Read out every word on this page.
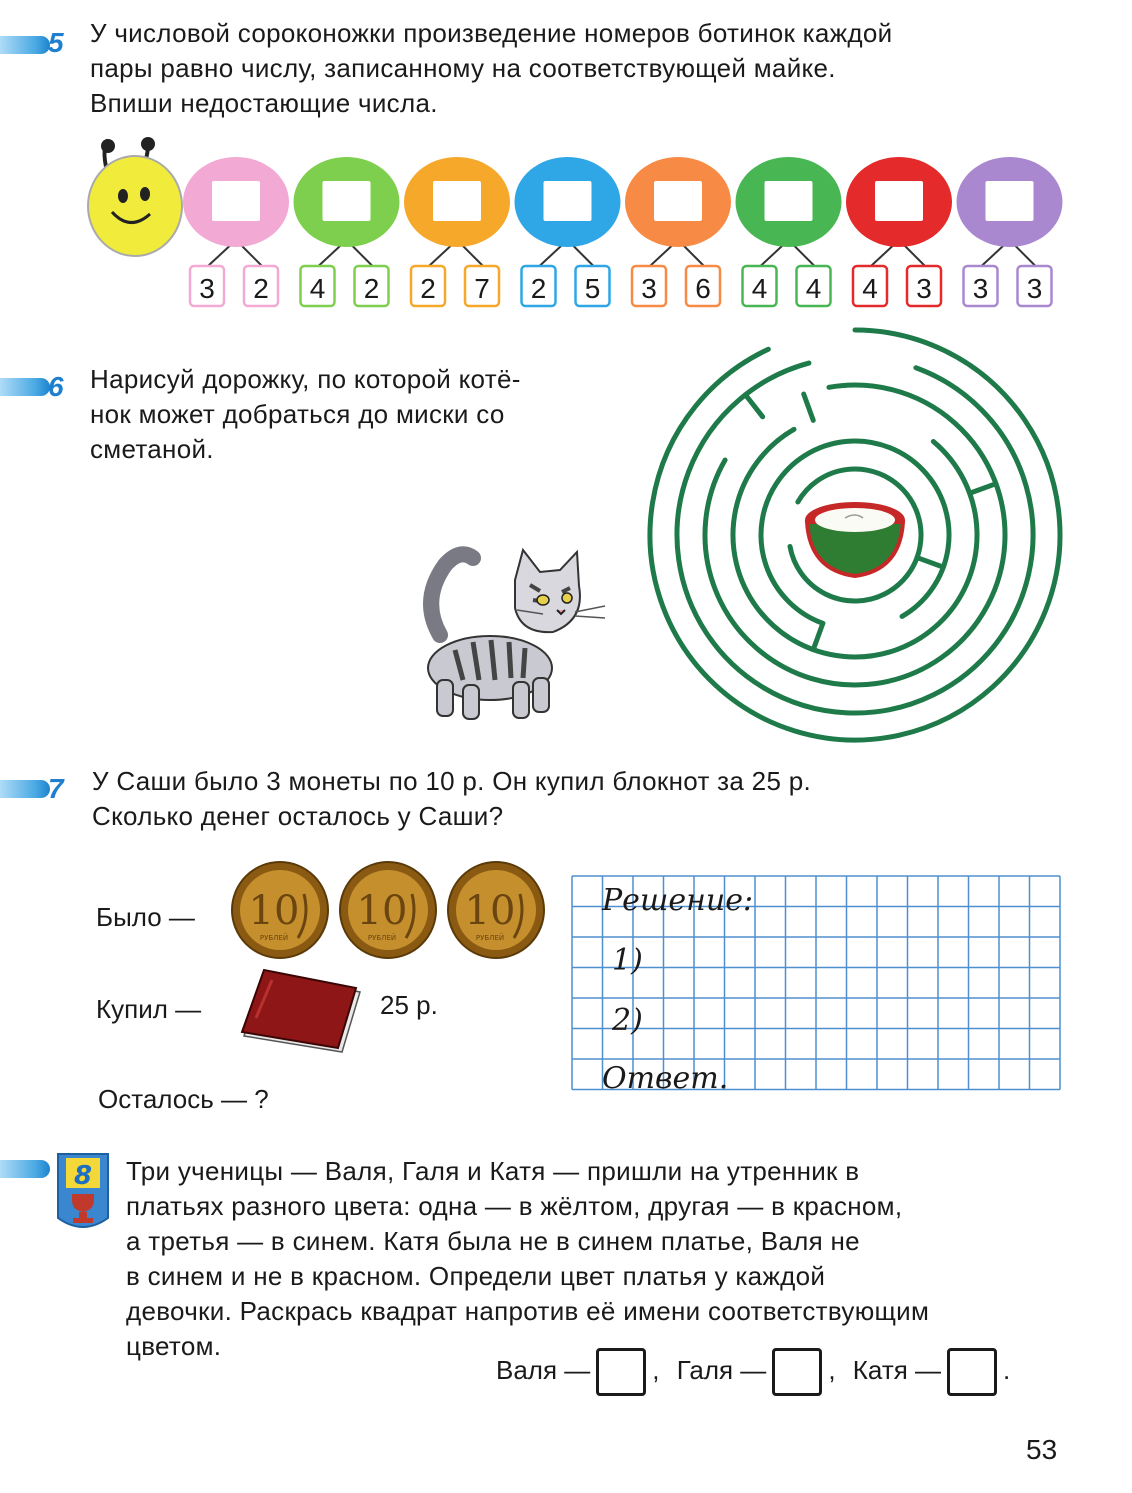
5 У числовой сороконожки произведение номеров ботинок каждой
пары равно числу, записанному на соответствующей майке.
Впиши недостающие числа.
3 2 4 2 2 7 2 5 3 6 4 4 4 3 3 3
6 Нарисуй дорожку, по которой котё-
нок может добраться до миски со
сметаной.
7 У Саши было 3 монеты по 10 р. Он купил блокнот за 25 р.
Сколько денег осталось у Саши?
Было — 10
РУБЛЕЙ
10
РУБЛЕЙ
10
РУБЛЕЙ
Купил —	25 р.
Осталось — ?
Решение:
1)
2)
Ответ.
8 Три ученицы — Валя, Галя и Катя — пришли на утренник в
платьях разного цвета: одна — в жёлтом, другая — в красном,
а третья — в синем. Катя была не в синем платье, Валя не
в синем и не в красном. Определи цвет платья у каждой
девочки. Раскрась квадрат напротив её имени соответствующим
цветом.
Валя — , Галя — , Катя — .
53
